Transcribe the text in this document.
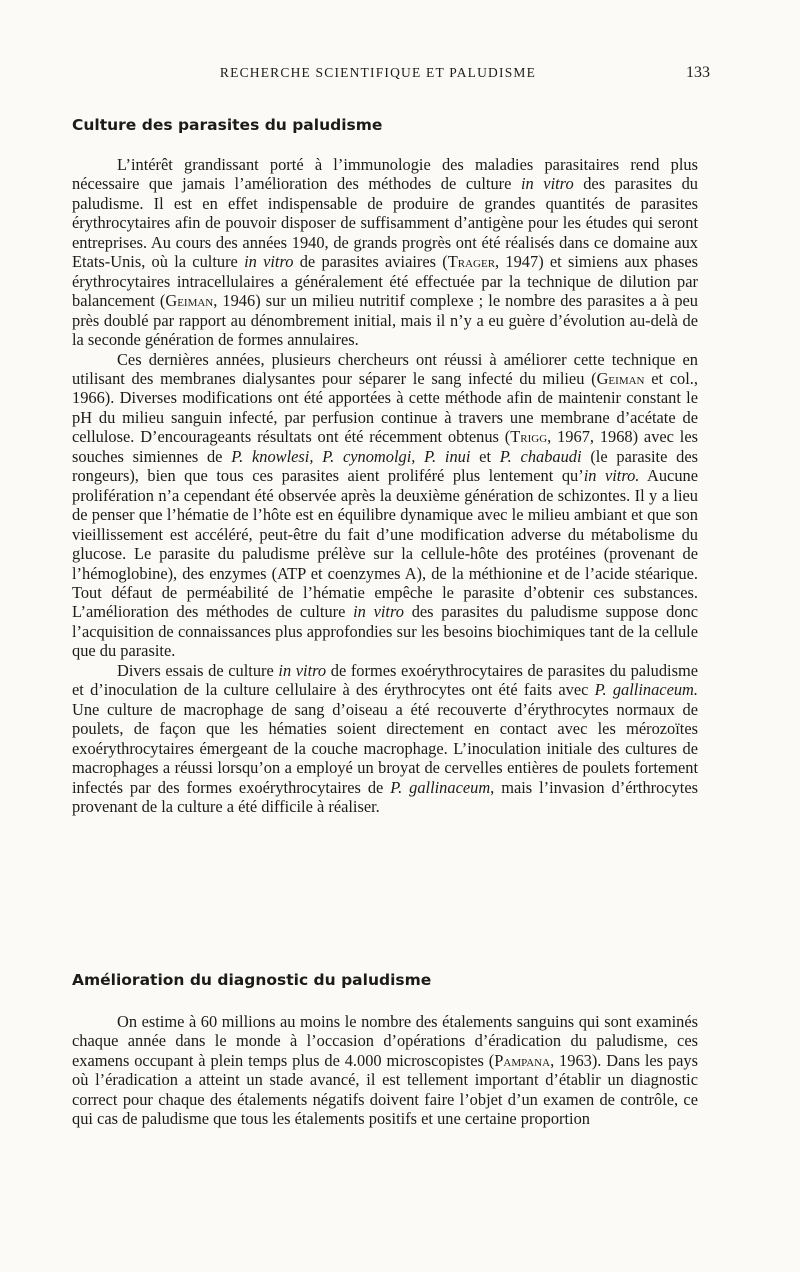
RECHERCHE SCIENTIFIQUE ET PALUDISME	133
Culture des parasites du paludisme

L’intérêt grandissant porté à l’immunologie des maladies parasitaires rend plus nécessaire que jamais l’amélioration des méthodes de culture in vitro des parasites du paludisme. Il est en effet indispensable de produire de grandes quantités de parasites érythrocytaires afin de pouvoir disposer de suffisamment d’antigène pour les études qui seront entreprises. Au cours des années 1940, de grands progrès ont été réalisés dans ce domaine aux Etats-Unis, où la culture in vitro de parasites aviaires (Trager, 1947) et simiens aux phases érythrocytaires intracellulaires a généralement été effectuée par la technique de dilution par balancement (Geiman, 1946) sur un milieu nutritif complexe ; le nombre des parasites a à peu près doublé par rapport au dénombrement initial, mais il n’y a eu guère d’évolution au-delà de la seconde génération de formes annulaires.

Ces dernières années, plusieurs chercheurs ont réussi à améliorer cette technique en utilisant des membranes dialysantes pour séparer le sang infecté du milieu (Geiman et col., 1966). Diverses modifications ont été apportées à cette méthode afin de maintenir constant le pH du milieu sanguin infecté, par perfusion continue à travers une membrane d’acétate de cellulose. D’encourageants résultats ont été récemment obtenus (Trigg, 1967, 1968) avec les souches simiennes de P. knowlesi, P. cynomolgi, P. inui et P. chabaudi (le parasite des rongeurs), bien que tous ces parasites aient proliféré plus lentement qu’in vitro. Aucune prolifération n’a cependant été observée après la deuxième génération de schizontes. Il y a lieu de penser que l’hématie de l’hôte est en équilibre dynamique avec le milieu ambiant et que son vieillissement est accéléré, peut-être du fait d’une modification adverse du métabolisme du glucose. Le parasite du paludisme prélève sur la cellule-hôte des protéines (provenant de l’hémoglobine), des enzymes (ATP et coenzymes A), de la méthionine et de l’acide stéarique. Tout défaut de perméabilité de l’hématie empêche le parasite d’obtenir ces substances. L’amélioration des méthodes de culture in vitro des parasites du paludisme suppose donc l’acquisition de connaissances plus approfondies sur les besoins biochimiques tant de la cellule que du parasite.

Divers essais de culture in vitro de formes exoérythrocytaires de parasites du paludisme et d’inoculation de la culture cellulaire à des érythrocytes ont été faits avec P. gallinaceum. Une culture de macrophage de sang d’oiseau a été recouverte d’érythrocytes normaux de poulets, de façon que les hématies soient directement en contact avec les mérozoïtes exoérythrocytaires émergeant de la couche macrophage. L’inoculation initiale des cultures de macrophages a réussi lorsqu’on a employé un broyat de cervelles entières de poulets fortement infectés par des formes exoérythrocytaires de P. gallinaceum, mais l’invasion d’érthrocytes provenant de la culture a été difficile à réaliser.

Amélioration du diagnostic du paludisme

On estime à 60 millions au moins le nombre des étalements sanguins qui sont examinés chaque année dans le monde à l’occasion d’opérations d’éradication du paludisme, ces examens occupant à plein temps plus de 4.000 microscopistes (Pampana, 1963). Dans les pays où l’éradication a atteint un stade avancé, il est tellement important d’établir un diagnostic correct pour chaque des étalements négatifs doivent faire l’objet d’un examen de contrôle, ce qui cas de paludisme que tous les étalements positifs et une certaine proportion
